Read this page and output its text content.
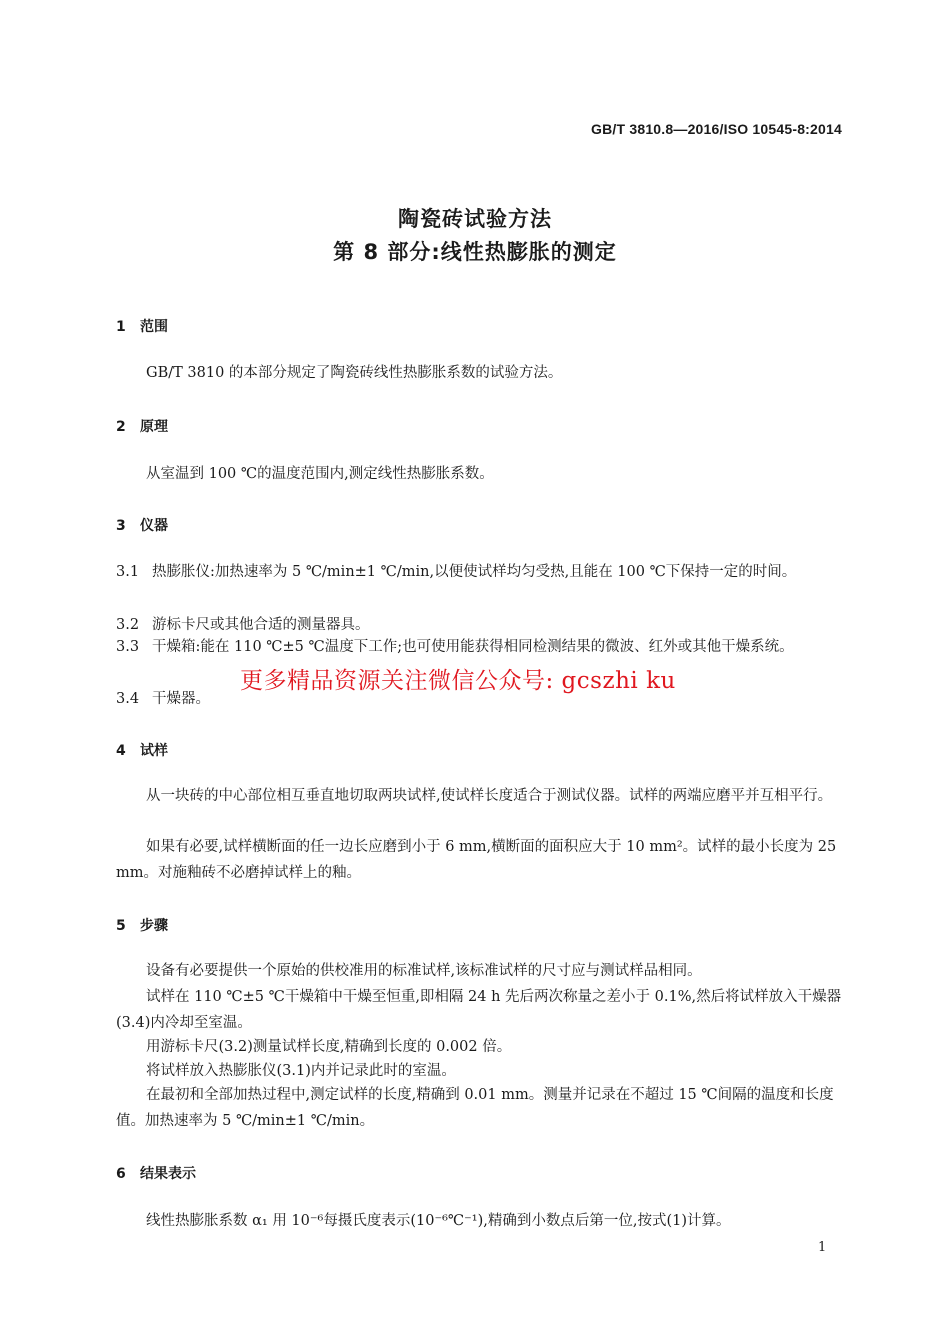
GB/T 3810.8—2016/ISO 10545-8:2014
陶瓷砖试验方法
第 8 部分:线性热膨胀的测定
1 范围
GB/T 3810 的本部分规定了陶瓷砖线性热膨胀系数的试验方法。
2 原理
从室温到 100 ℃的温度范围内,测定线性热膨胀系数。
3 仪器
3.1 热膨胀仪:加热速率为 5 ℃/min±1 ℃/min,以便使试样均匀受热,且能在 100 ℃下保持一定的时间。
3.2 游标卡尺或其他合适的测量器具。
3.3 干燥箱:能在 110 ℃±5 ℃温度下工作;也可使用能获得相同检测结果的微波、红外或其他干燥系统。
3.4 干燥器。
更多精品资源关注微信公众号: gcszhi ku
4 试样
从一块砖的中心部位相互垂直地切取两块试样,使试样长度适合于测试仪器。试样的两端应磨平并互相平行。
如果有必要,试样横断面的任一边长应磨到小于 6 mm,横断面的面积应大于 10 mm²。试样的最小长度为 25 mm。对施釉砖不必磨掉试样上的釉。
5 步骤
设备有必要提供一个原始的供校准用的标准试样,该标准试样的尺寸应与测试样品相同。
试样在 110 ℃±5 ℃干燥箱中干燥至恒重,即相隔 24 h 先后两次称量之差小于 0.1%,然后将试样放入干燥器(3.4)内冷却至室温。
用游标卡尺(3.2)测量试样长度,精确到长度的 0.002 倍。
将试样放入热膨胀仪(3.1)内并记录此时的室温。
在最初和全部加热过程中,测定试样的长度,精确到 0.01 mm。测量并记录在不超过 15 ℃间隔的温度和长度值。加热速率为 5 ℃/min±1 ℃/min。
6 结果表示
线性热膨胀系数 α₁ 用 10⁻⁶每摄氏度表示(10⁻⁶℃⁻¹),精确到小数点后第一位,按式(1)计算。
1
